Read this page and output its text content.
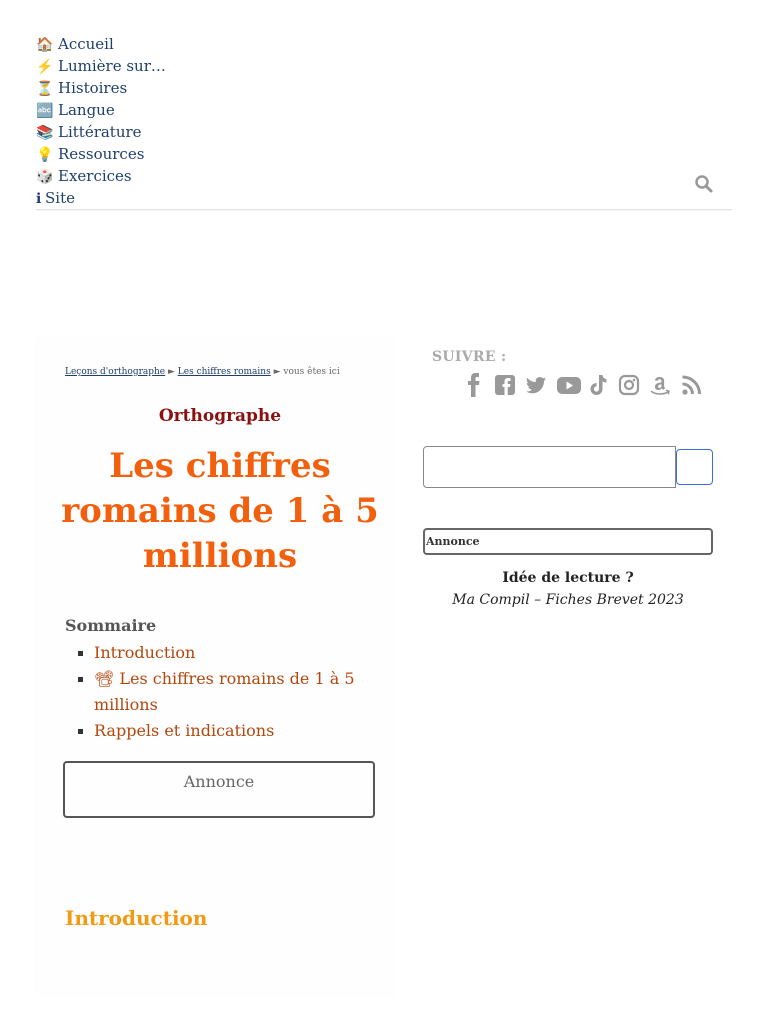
🏠 Accueil
⚡ Lumière sur…
⏳ Histoires
🔤 Langue
📚 Littérature
💡 Ressources
🎲 Exercices
ℹ Site
Leçons d'orthographe ► Les chiffres romains ► vous êtes ici
Orthographe
Les chiffres romains de 1 à 5 millions
Sommaire
Introduction
📽 Les chiffres romains de 1 à 5 millions
Rappels et indications
Annonce
Introduction
SUIVRE :
Annonce
Idée de lecture ?
Ma Compil – Fiches Brevet 2023
